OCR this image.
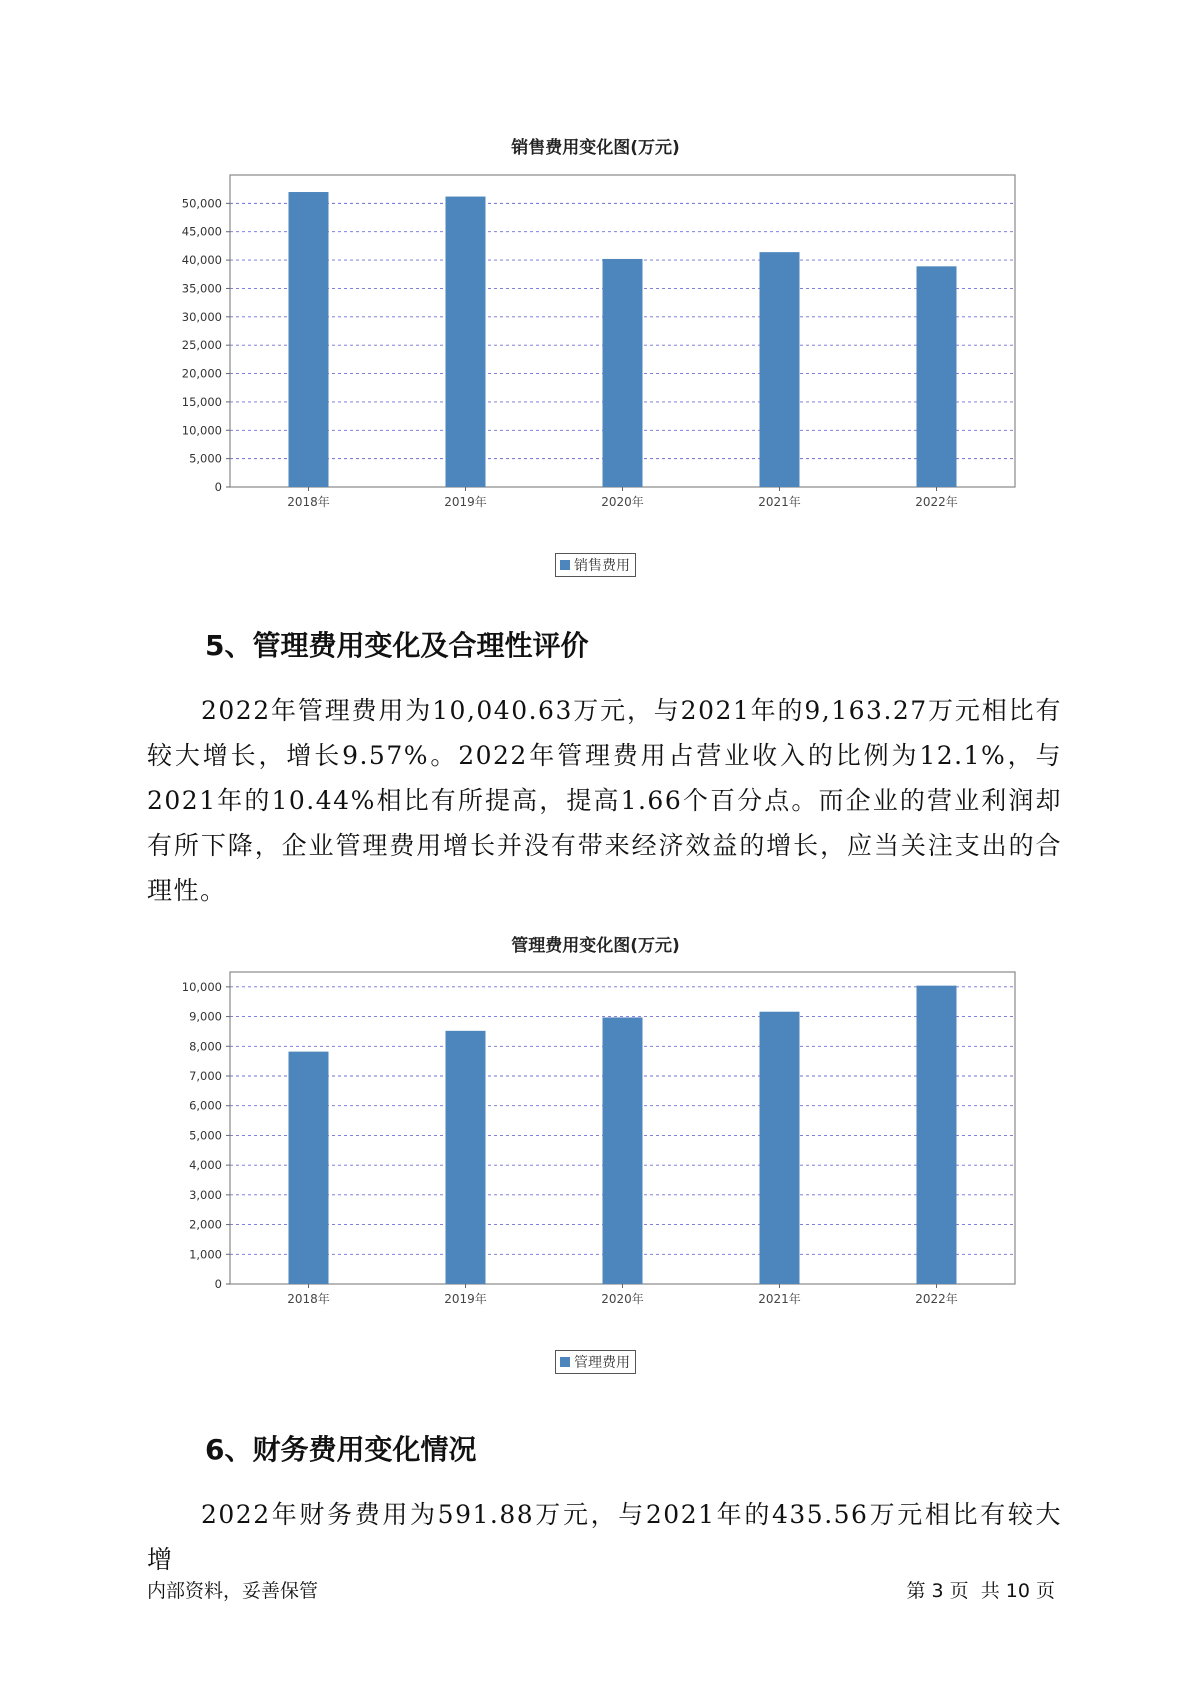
销售费用变化图(万元)
0
5,000
10,000
15,000
20,000
25,000
30,000
35,000
40,000
45,000
50,000
2018年	2019年	2020年	2021年	2022年
销售费用
5、管理费用变化及合理性评价

2022年管理费用为10,040.63万元，与2021年的9,163.27万元相比有较大增长，增长9.57%。2022年管理费用占营业收入的比例为12.1%，与2021年的10.44%相比有所提高，提高1.66个百分点。而企业的营业利润却有所下降，企业管理费用增长并没有带来经济效益的增长，应当关注支出的合理性。

管理费用变化图(万元)
0
1,000
2,000
3,000
4,000
5,000
6,000
7,000
8,000
9,000
10,000
2018年	2019年	2020年	2021年	2022年
管理费用
6、财务费用变化情况

2022年财务费用为591.88万元，与2021年的435.56万元相比有较大增

内部资料，妥善保管	第 3 页  共 10 页
